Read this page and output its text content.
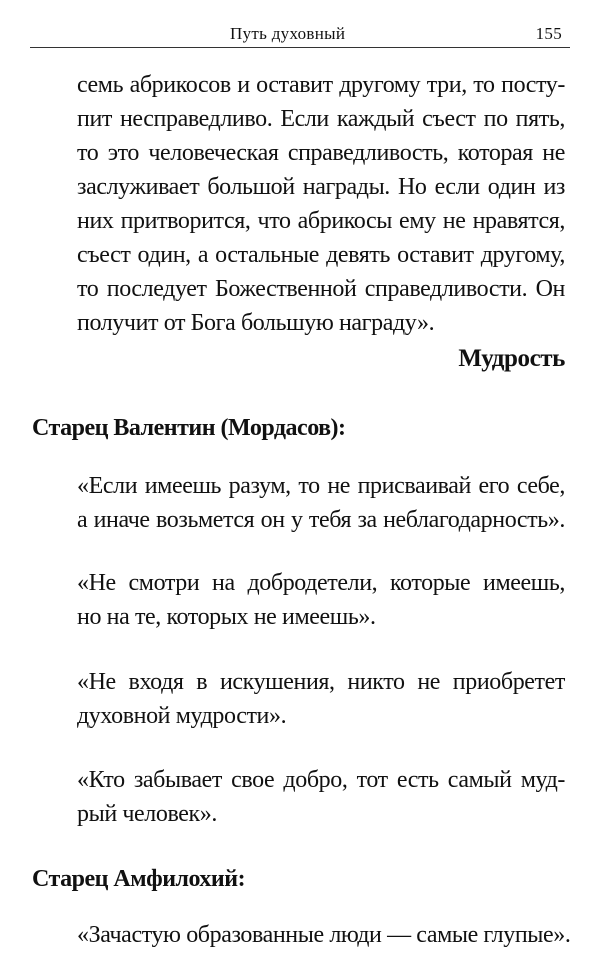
Путь духовный	155
семь абрикосов и оставит другому три, то посту-
пит несправедливо. Если каждый съест по пять,
то это человеческая справедливость, которая не
заслуживает большой награды. Но если один из
них притворится, что абрикосы ему не нравятся,
съест один, а остальные девять оставит другому,
то последует Божественной справедливости. Он
получит от Бога большую награду».
Мудрость
Старец Валентин (Мордасов):
«Если имеешь разум, то не присваивай его себе,
а иначе возьмется он у тебя за неблагодарность».
«Не смотри на добродетели, которые имеешь,
но на те, которых не имеешь».
«Не входя в искушения, никто не приобретет
духовной мудрости».
«Кто забывает свое добро, тот есть самый муд-
рый человек».
Старец Амфилохий:
«Зачастую образованные люди — самые глупые».
